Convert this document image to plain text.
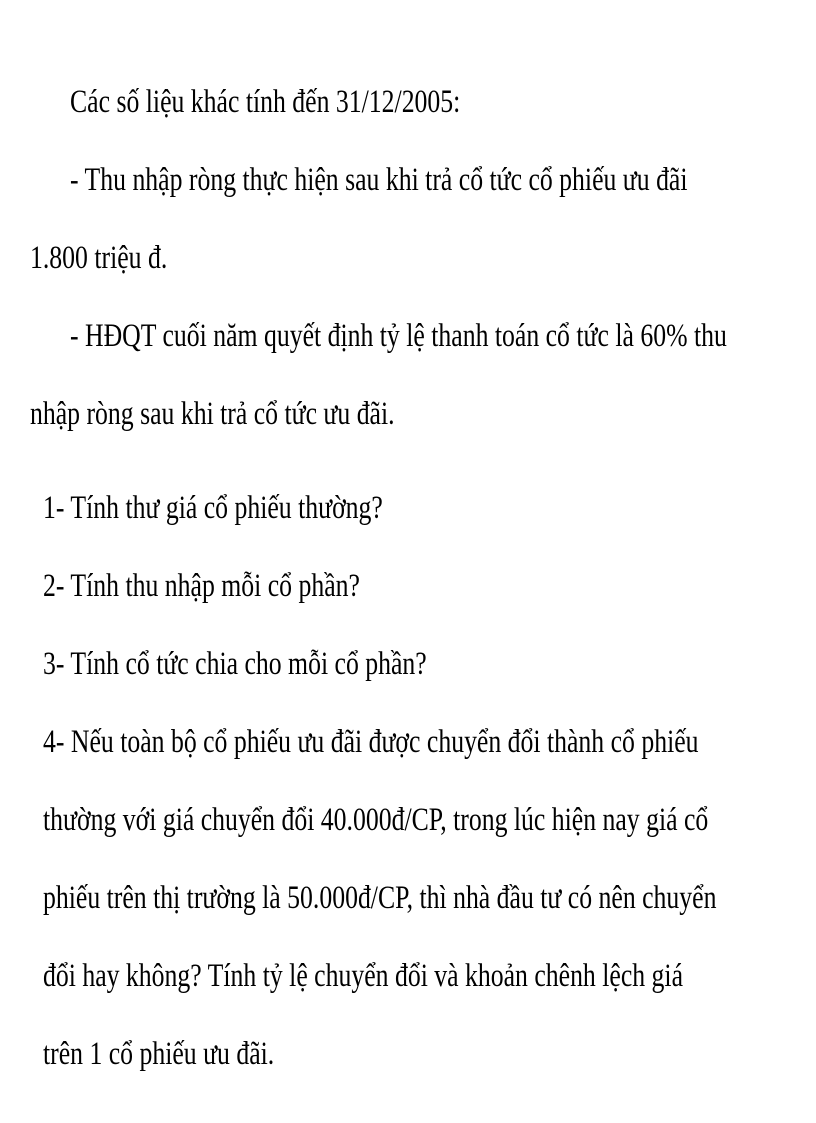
Các số liệu khác tính đến 31/12/2005:
- Thu nhập ròng thực hiện sau khi trả cổ tức cổ phiếu ưu đãi
1.800 triệu đ.
- HĐQT cuối năm quyết định tỷ lệ thanh toán cổ tức là 60% thu
nhập ròng sau khi trả cổ tức ưu đãi.
1- Tính thư giá cổ phiếu thường?
2- Tính thu nhập mỗi cổ phần?
3- Tính cổ tức chia cho mỗi cổ phần?
4- Nếu toàn bộ cổ phiếu ưu đãi được chuyển đổi thành cổ phiếu
thường với giá chuyển đổi 40.000đ/CP, trong lúc hiện nay giá cổ
phiếu trên thị trường là 50.000đ/CP, thì nhà đầu tư có nên chuyển
đổi hay không? Tính tỷ lệ chuyển đổi và khoản chênh lệch giá
trên 1 cổ phiếu ưu đãi.
